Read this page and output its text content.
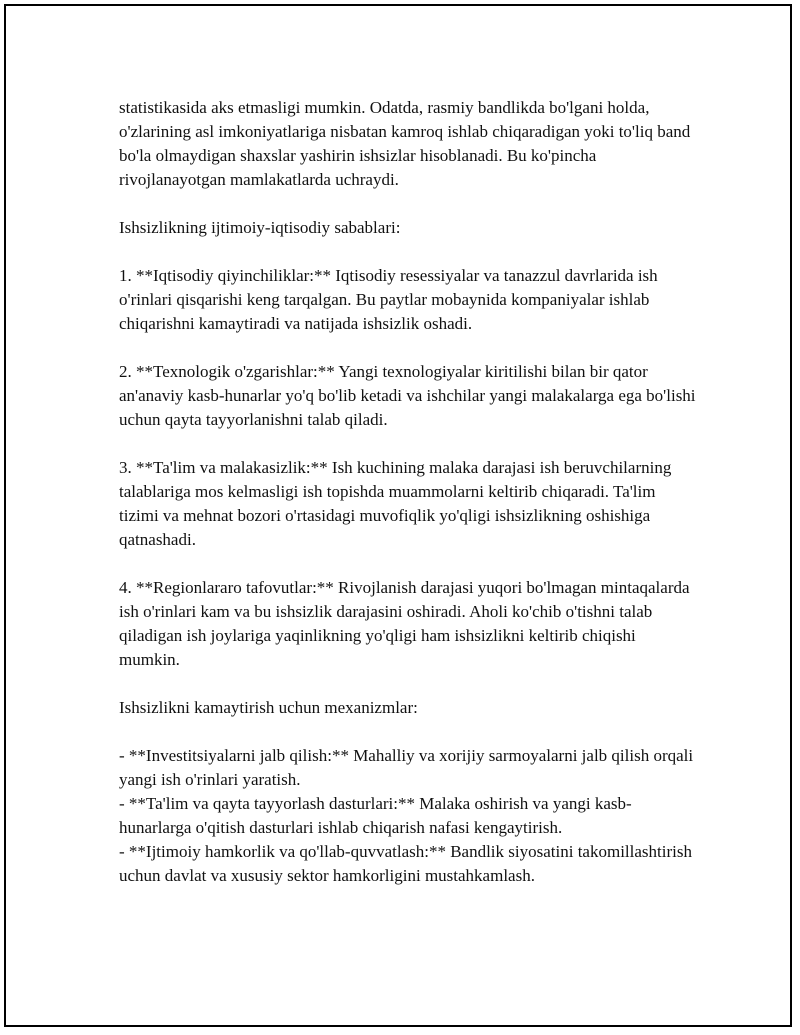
statistikasida aks etmasligi mumkin. Odatda, rasmiy bandlikda bo'lgani holda, o'zlarining asl imkoniyatlariga nisbatan kamroq ishlab chiqaradigan yoki to'liq band bo'la olmaydigan shaxslar yashirin ishsizlar hisoblanadi. Bu ko'pincha rivojlanayotgan mamlakatlarda uchraydi.

Ishsizlikning ijtimoiy-iqtisodiy sabablari:

1. **Iqtisodiy qiyinchiliklar:** Iqtisodiy resessiyalar va tanazzul davrlarida ish o'rinlari qisqarishi keng tarqalgan. Bu paytlar mobaynida kompaniyalar ishlab chiqarishni kamaytiradi va natijada ishsizlik oshadi.

2. **Texnologik o'zgarishlar:** Yangi texnologiyalar kiritilishi bilan bir qator an'anaviy kasb-hunarlar yo'q bo'lib ketadi va ishchilar yangi malakalarga ega bo'lishi uchun qayta tayyorlanishni talab qiladi.

3. **Ta'lim va malakasizlik:** Ish kuchining malaka darajasi ish beruvchilarning talablariga mos kelmasligi ish topishda muammolarni keltirib chiqaradi. Ta'lim tizimi va mehnat bozori o'rtasidagi muvofiqlik yo'qligi ishsizlikning oshishiga qatnashadi.

4. **Regionlararo tafovutlar:** Rivojlanish darajasi yuqori bo'lmagan mintaqalarda ish o'rinlari kam va bu ishsizlik darajasini oshiradi. Aholi ko'chib o'tishni talab qiladigan ish joylariga yaqinlikning yo'qligi ham ishsizlikni keltirib chiqishi mumkin.

Ishsizlikni kamaytirish uchun mexanizmlar:

- **Investitsiyalarni jalb qilish:** Mahalliy va xorijiy sarmoyalarni jalb qilish orqali yangi ish o'rinlari yaratish.

- **Ta'lim va qayta tayyorlash dasturlari:** Malaka oshirish va yangi kasb-hunarlarga o'qitish dasturlari ishlab chiqarish nafasi kengaytirish.

- **Ijtimoiy hamkorlik va qo'llab-quvvatlash:** Bandlik siyosatini takomillashtirish uchun davlat va xususiy sektor hamkorligini mustahkamlash.
